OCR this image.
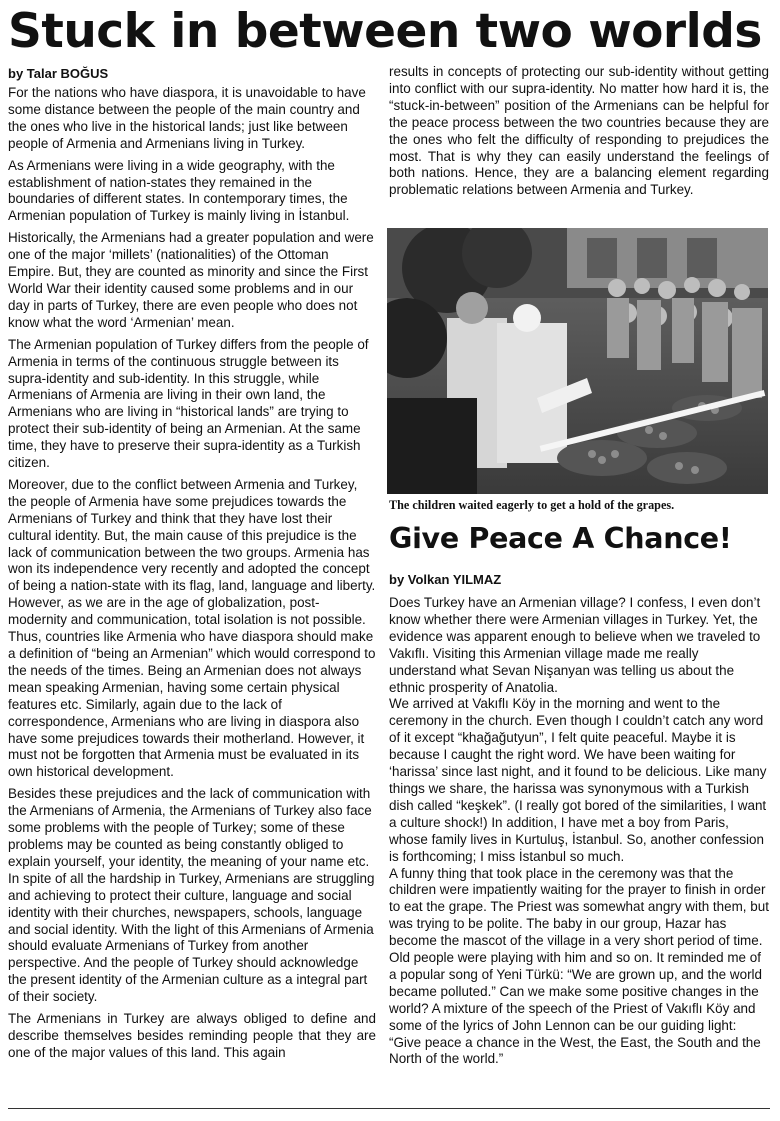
Stuck in between two worlds

by Talar BOĞUS

For the nations who have diaspora, it is unavoidable to have some distance between the people of the main country and the ones who live in the historical lands; just like between people of Armenia and Armenians living in Turkey.

As Armenians were living in a wide geography, with the establishment of nation-states they remained in the boundaries of different states. In contemporary times, the Armenian population of Turkey is mainly living in İstanbul.

Historically, the Armenians had a greater population and were one of the major ‘millets’ (nationalities) of the Ottoman Empire. But, they are counted as minority and since the First World War their identity caused some problems and in our day in parts of Turkey, there are even people who does not know what the word ‘Armenian’ mean.

The Armenian population of Turkey differs from the people of Armenia in terms of the continuous struggle between its supra-identity and sub-identity. In this struggle, while Armenians of Armenia are living in their own land, the Armenians who are living in “historical lands” are trying to protect their sub-identity of being an Armenian. At the same time, they have to preserve their supra-identity as a Turkish citizen.

Moreover, due to the conflict between Armenia and Turkey, the people of Armenia have some prejudices towards the Armenians of Turkey and think that they have lost their cultural identity. But, the main cause of this prejudice is the lack of communication between the two groups. Armenia has won its independence very recently and adopted the concept of being a nation-state with its flag, land, language and liberty. However, as we are in the age of globalization, post-modernity and communication, total isolation is not possible. Thus, countries like Armenia who have diaspora should make a definition of “being an Armenian” which would correspond to the needs of the times. Being an Armenian does not always mean speaking Armenian, having some certain physical features etc. Similarly, again due to the lack of correspondence, Armenians who are living in diaspora also have some prejudices towards their motherland. However, it must not be forgotten that Armenia must be evaluated in its own historical development.

Besides these prejudices and the lack of communication with the Armenians of Armenia, the Armenians of Turkey also face some problems with the people of Turkey; some of these problems may be counted as being constantly obliged to explain yourself, your identity, the meaning of your name etc. In spite of all the hardship in Turkey, Armenians are struggling and achieving to protect their culture, language and social identity with their churches, newspapers, schools, language and social identity. With the light of this Armenians of Armenia should evaluate Armenians of Turkey from another perspective. And the people of Turkey should acknowledge the present identity of the Armenian culture as a integral part of their society.

The Armenians in Turkey are always obliged to define and describe themselves besides reminding people that they are one of the major values of this land. This again

results in concepts of protecting our sub-identity without getting into conflict with our supra-identity. No matter how hard it is, the “stuck-in-between” position of the Armenians can be helpful for the peace process between the two countries because they are the ones who felt the difficulty of responding to prejudices the most. That is why they can easily understand the feelings of both nations. Hence, they are a balancing element regarding problematic relations between Armenia and Turkey.

The children waited eagerly to get a hold of the grapes.

Give Peace A Chance!

by Volkan YILMAZ

Does Turkey have an Armenian village? I confess, I even don’t know whether there were Armenian villages in Turkey. Yet, the evidence was apparent enough to believe when we traveled to Vakıflı. Visiting this Armenian village made me really understand what Sevan Nişanyan was telling us about the ethnic prosperity of Anatolia.

We arrived at Vakıflı Köy in the morning and went to the ceremony in the church. Even though I couldn’t catch any word of it except “khağağutyun”, I felt quite peaceful. Maybe it is because I caught the right word. We have been waiting for ‘harissa’ since last night, and it found to be delicious. Like many things we share, the harissa was synonymous with a Turkish dish called “keşkek”. (I really got bored of the similarities, I want a culture shock!) In addition, I have met a boy from Paris, whose family lives in Kurtuluş, İstanbul. So, another confession is forthcoming; I miss İstanbul so much.

A funny thing that took place in the ceremony was that the children were impatiently waiting for the prayer to finish in order to eat the grape. The Priest was somewhat angry with them, but was trying to be polite. The baby in our group, Hazar has become the mascot of the village in a very short period of time. Old people were playing with him and so on. It reminded me of a popular song of Yeni Türkü: “We are grown up, and the world became polluted.” Can we make some positive changes in the world? A mixture of the speech of the Priest of Vakıflı Köy and some of the lyrics of John Lennon can be our guiding light: “Give peace a chance in the West, the East, the South and the North of the world.”
